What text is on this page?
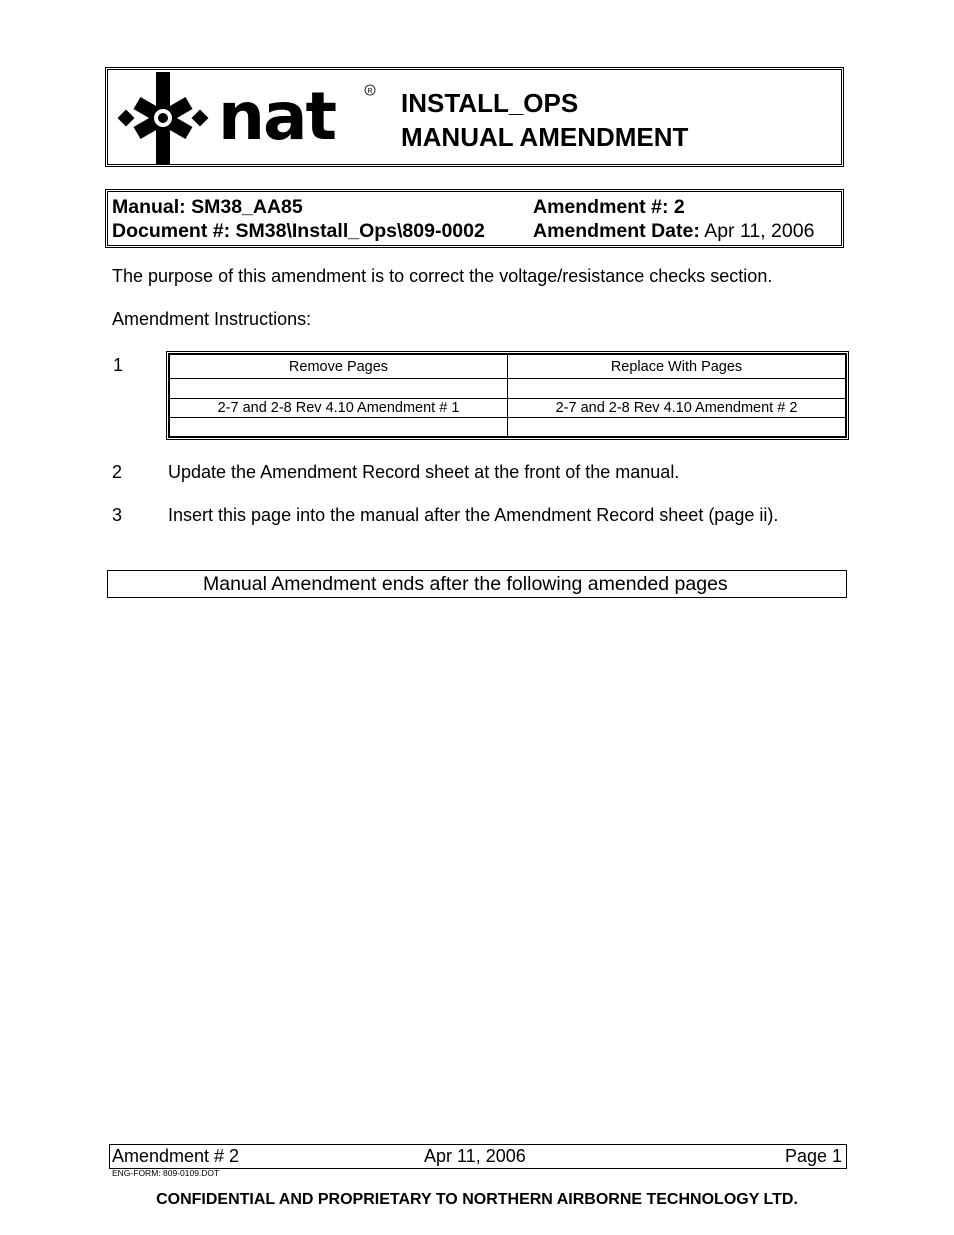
nat	R INSTALL_OPS
MANUAL AMENDMENT
Manual: SM38_AA85
Document #: SM38\Install_Ops\809-0002
Amendment #: 2
Amendment Date: Apr 11, 2006
The purpose of this amendment is to correct the voltage/resistance checks section.
Amendment Instructions:
1	Remove Pages	Replace With Pages

2-7 and 2-8 Rev 4.10 Amendment # 1	2-7 and 2-8 Rev 4.10 Amendment # 2

2	Update the Amendment Record sheet at the front of the manual.
3	Insert this page into the manual after the Amendment Record sheet (page ii).
Manual Amendment ends after the following amended pages
Amendment # 2	Apr 11, 2006	Page 1
ENG-FORM: 809-0109.DOT
CONFIDENTIAL AND PROPRIETARY TO NORTHERN AIRBORNE TECHNOLOGY LTD.
